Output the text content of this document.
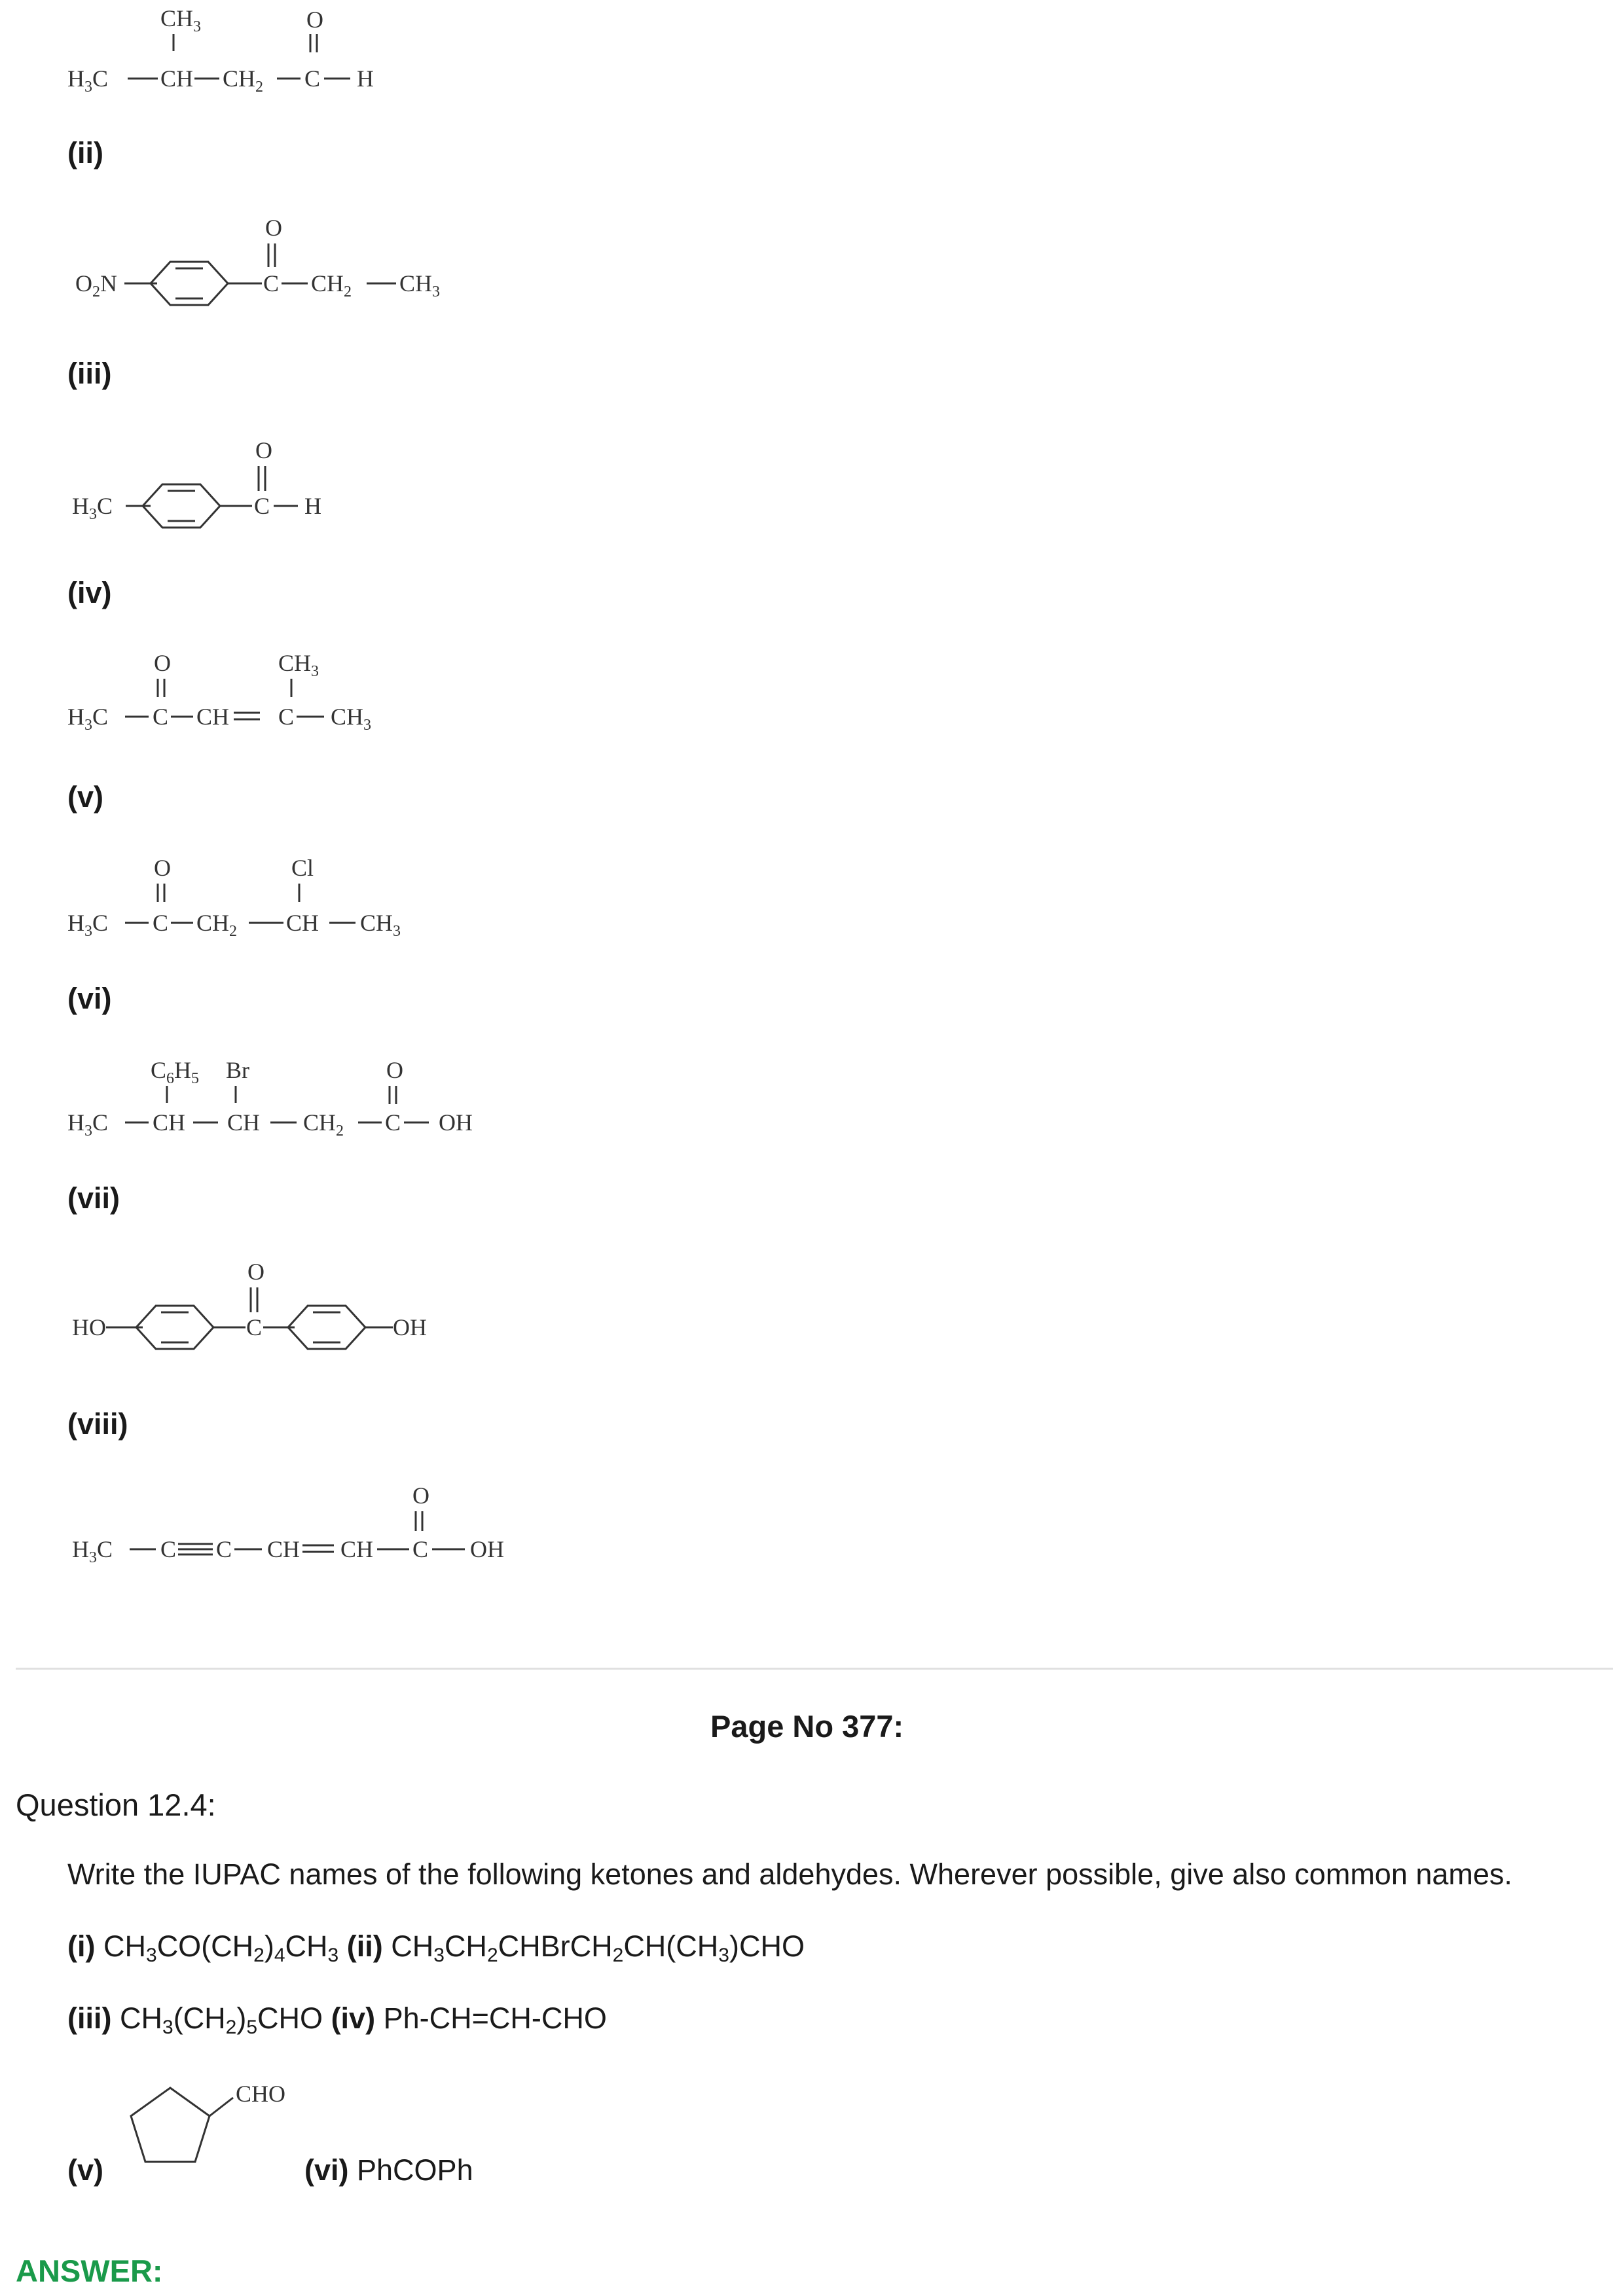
$CH_3$	O
$H_3C$ CH $CH_2$ C H
(ii)
O
$O_2N$	C $CH_2$ $CH_3$
(iii)
O
$H_3C$	C H
(iv)
O	$CH_3$
$H_3C$ C CH C $CH_3$
(v)
O	Cl
$H_3C$ C $CH_2$ CH $CH_3$
(vi)
$C_6H_5$ Br	O
$H_3C$ CH CH $CH_2$ C OH
(vii)
O
HO	C	OH
(viii)
O
$H_3C$ C C CH CH C OH
Page No 377:
Question 12.4:
Write the IUPAC names of the following ketones and aldehydes. Wherever possible, give also common names.
(i) $CH_3CO(CH_2)_4CH_3$ (ii) $CH_3CH_2CHBrCH_2CH(CH_3)CHO$
(iii) $CH_3(CH_2)_5CHO$ (iv) Ph-CH=CH-CHO
CHO
(v)	(vi) PhCOPh
ANSWER:
